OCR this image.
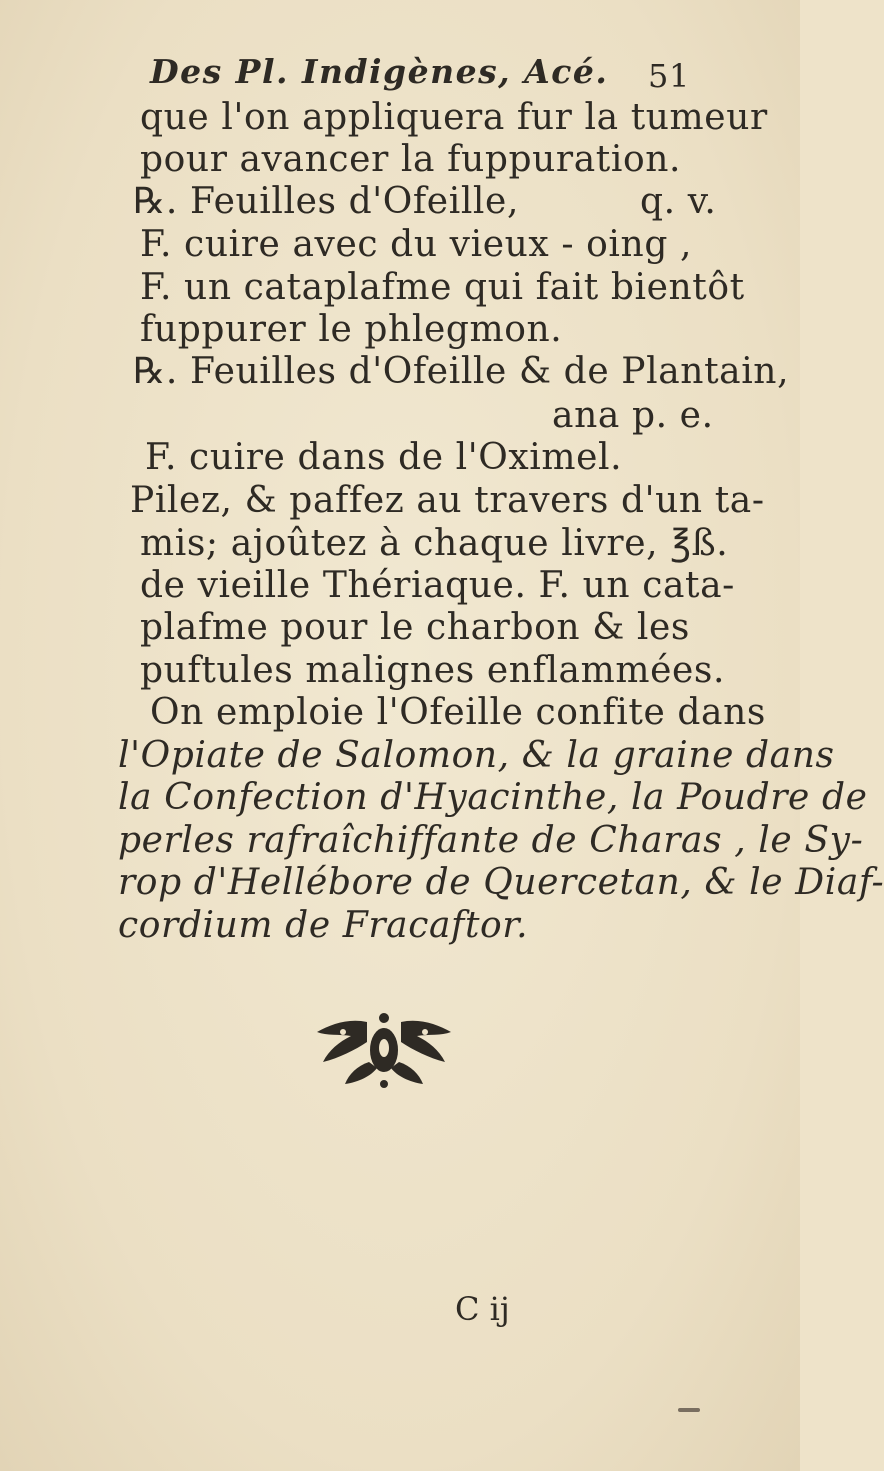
Des Pl. Indigènes, Acé. 51
que l'on appliquera fur la tumeur
pour avancer la fuppuration.
℞. Feuilles d'Ofeille,	q. v.
F. cuire avec du vieux - oing ,
F. un cataplafme qui fait bientôt
fuppurer le phlegmon.
℞. Feuilles d'Ofeille & de Plantain,
ana p. e.
F. cuire dans de l'Oximel.
Pilez, & paffez au travers d'un ta-
mis; ajoûtez à chaque livre, ℥ß.
de vieille Thériaque. F. un cata-
plafme pour le charbon & les
puftules malignes enflammées.
On emploie l'Ofeille confite dans
l'Opiate de Salomon, & la graine dans
la Confection d'Hyacinthe, la Poudre de
perles rafraîchiffante de Charas , le Sy-
rop d'Hellébore de Quercetan, & le Diaf-
cordium de Fracaftor.
C ij
